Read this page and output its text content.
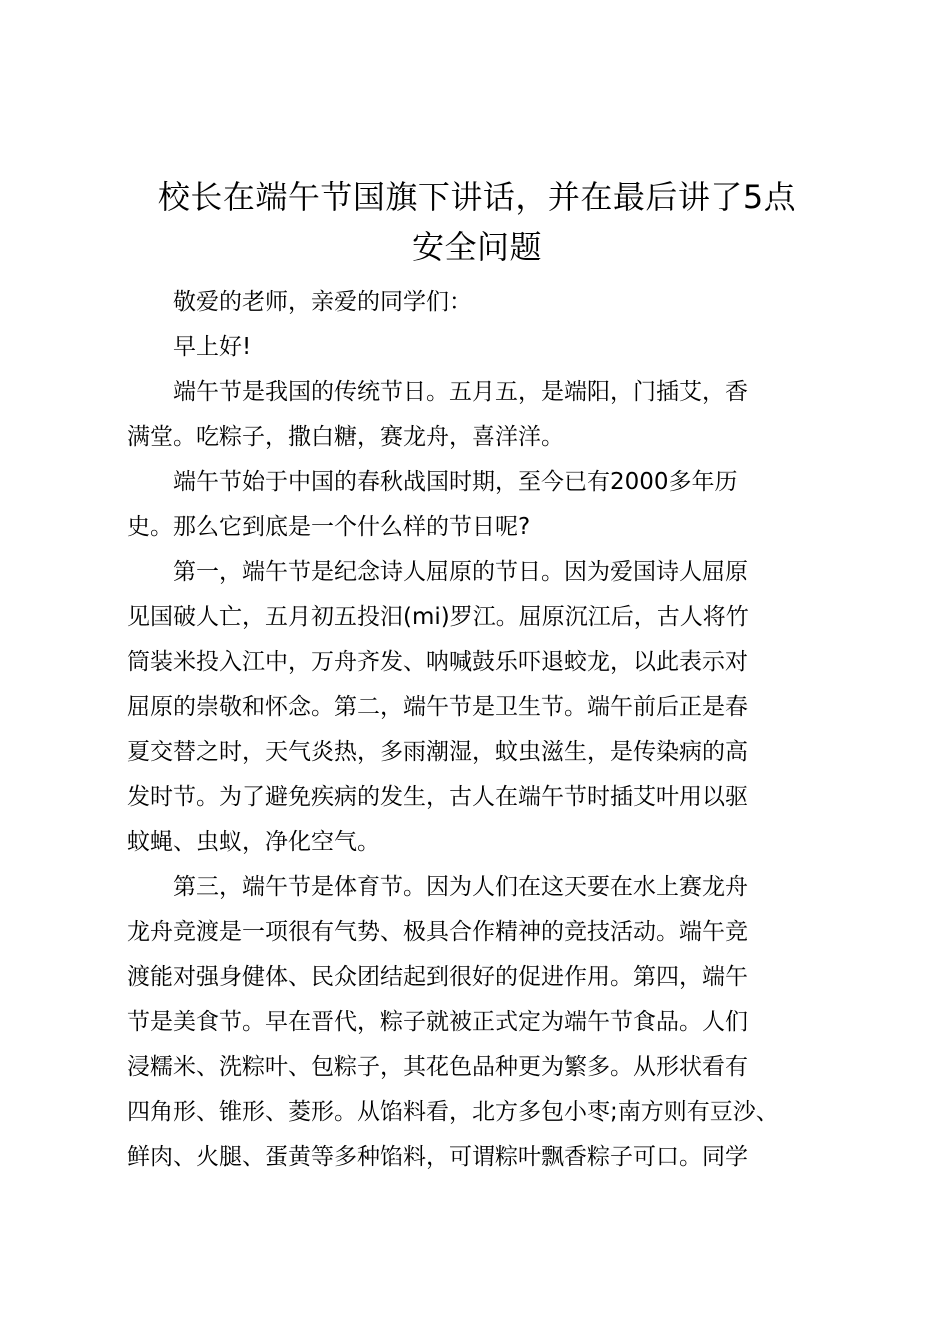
校长在端午节国旗下讲话，并在最后讲了5点
安全问题
　　敬爱的老师，亲爱的同学们：
　　早上好!
　　端午节是我国的传统节日。五月五，是端阳，门插艾，香
满堂。吃粽子，撒白糖，赛龙舟，喜洋洋。
　　端午节始于中国的春秋战国时期，至今已有2000多年历
史。那么它到底是一个什么样的节日呢?
　　第一，端午节是纪念诗人屈原的节日。因为爱国诗人屈原
见国破人亡，五月初五投汨(mi)罗江。屈原沉江后，古人将竹
筒装米投入江中，万舟齐发、呐喊鼓乐吓退蛟龙，以此表示对
屈原的崇敬和怀念。第二，端午节是卫生节。端午前后正是春
夏交替之时，天气炎热，多雨潮湿，蚊虫滋生，是传染病的高
发时节。为了避免疾病的发生，古人在端午节时插艾叶用以驱
蚊蝇、虫蚁，净化空气。
　　第三，端午节是体育节。因为人们在这天要在水上赛龙舟
龙舟竞渡是一项很有气势、极具合作精神的竞技活动。端午竞
渡能对强身健体、民众团结起到很好的促进作用。第四，端午
节是美食节。早在晋代，粽子就被正式定为端午节食品。人们
浸糯米、洗粽叶、包粽子，其花色品种更为繁多。从形状看有
四角形、锥形、菱形。从馅料看，北方多包小枣;南方则有豆沙、
鲜肉、火腿、蛋黄等多种馅料，可谓粽叶飘香粽子可口。同学
